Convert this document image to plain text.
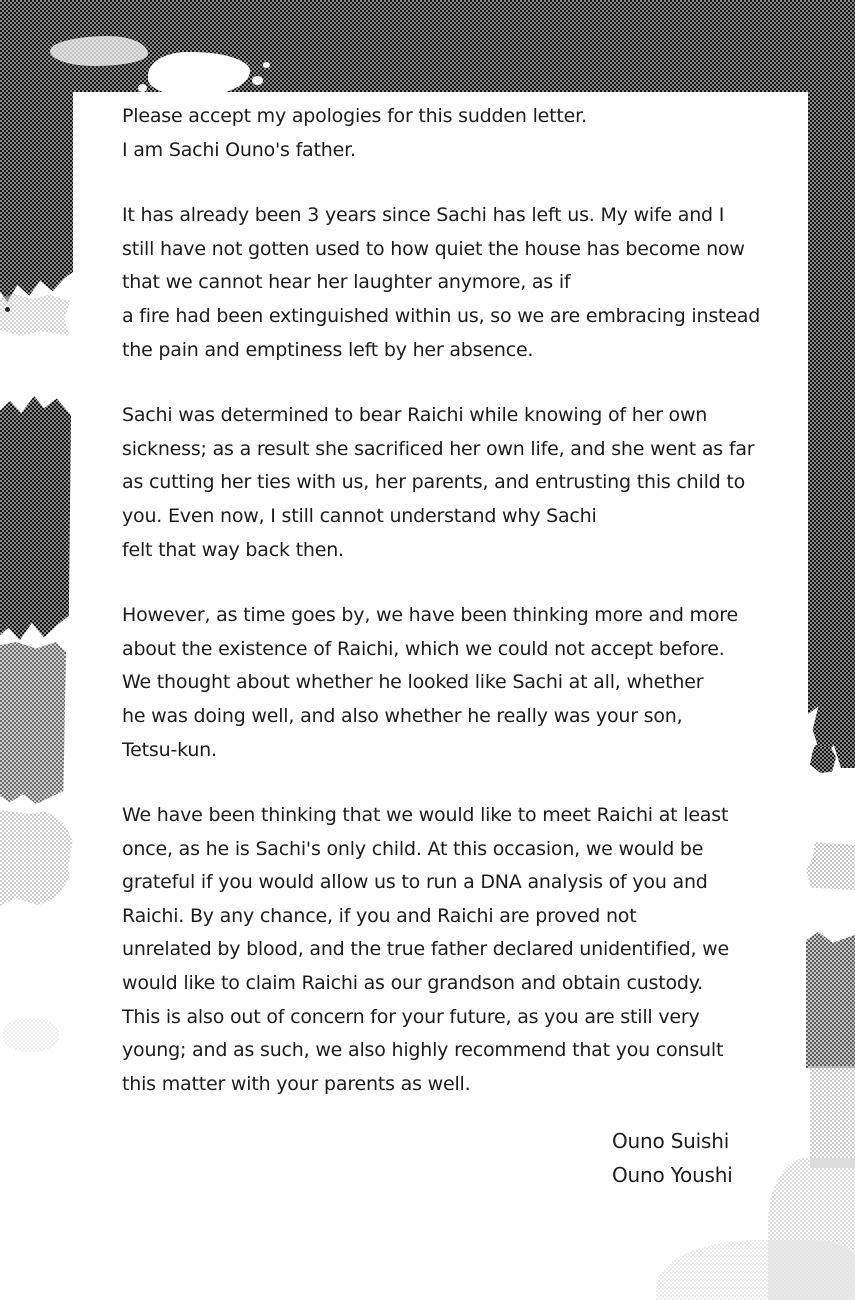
Please accept my apologies for this sudden letter.
I am Sachi Ouno's father.
It has already been 3 years since Sachi has left us. My wife and I
still have not gotten used to how quiet the house has become now
that we cannot hear her laughter anymore, as if
a fire had been extinguished within us, so we are embracing instead
the pain and emptiness left by her absence.
Sachi was determined to bear Raichi while knowing of her own
sickness; as a result she sacrificed her own life, and she went as far
as cutting her ties with us, her parents, and entrusting this child to
you. Even now, I still cannot understand why Sachi
felt that way back then.
However, as time goes by, we have been thinking more and more
about the existence of Raichi, which we could not accept before.
We thought about whether he looked like Sachi at all, whether
he was doing well, and also whether he really was your son,
Tetsu-kun.
We have been thinking that we would like to meet Raichi at least
once, as he is Sachi's only child. At this occasion, we would be
grateful if you would allow us to run a DNA analysis of you and
Raichi. By any chance, if you and Raichi are proved not
unrelated by blood, and the true father declared unidentified, we
would like to claim Raichi as our grandson and obtain custody.
This is also out of concern for your future, as you are still very
young; and as such, we also highly recommend that you consult
this matter with your parents as well.
Ouno Suishi
Ouno Youshi
